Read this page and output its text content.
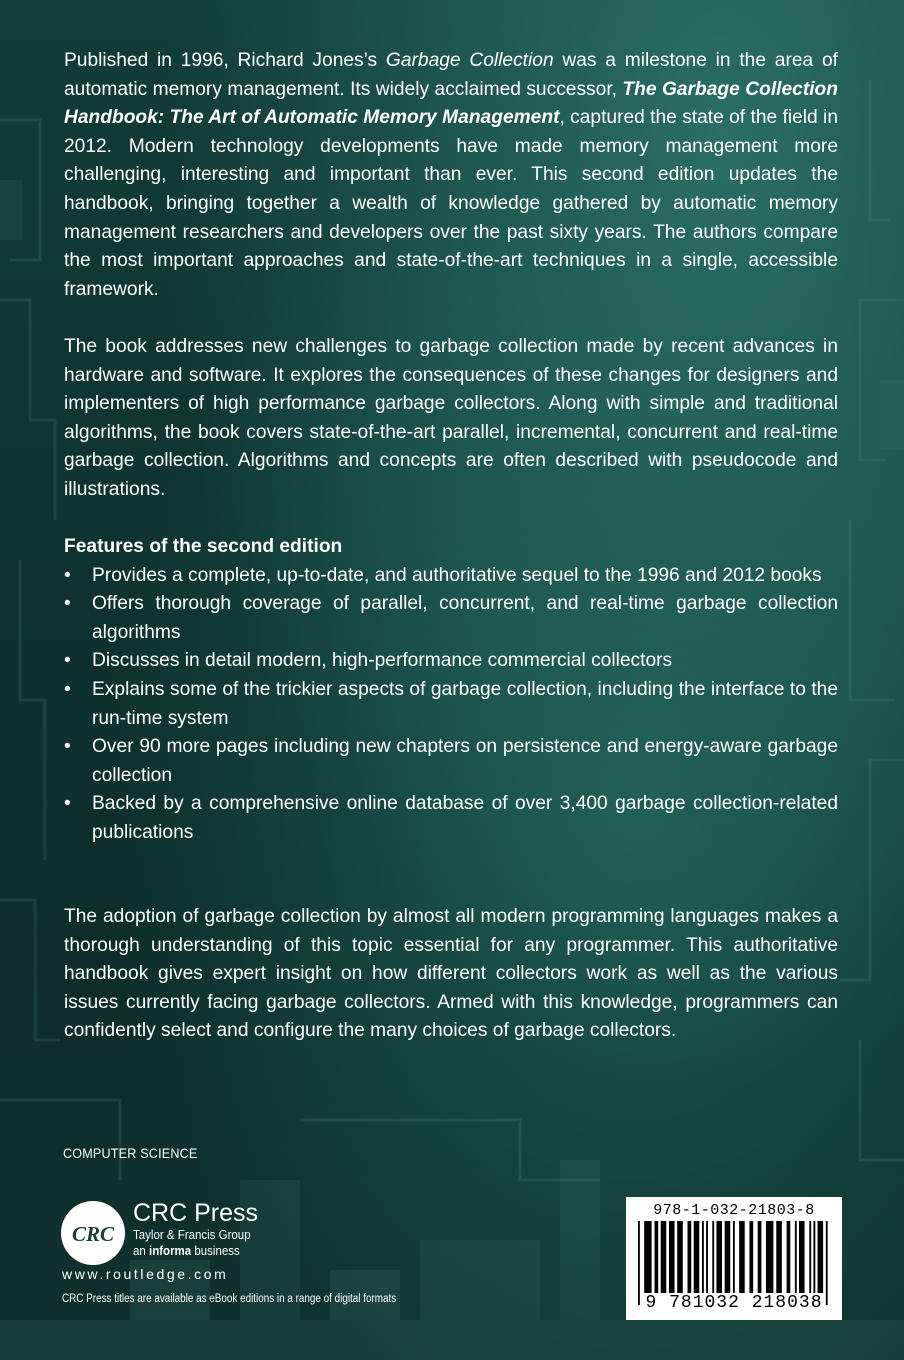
Published in 1996, Richard Jones’s Garbage Collection was a milestone in the area of automatic memory management. Its widely acclaimed successor, The Garbage Collection Handbook: The Art of Automatic Memory Management, captured the state of the field in 2012. Modern technology developments have made memory management more challenging, interesting and important than ever. This second edition updates the handbook, bringing together a wealth of knowledge gathered by automatic memory management researchers and developers over the past sixty years. The authors compare the most important approaches and state-of-the-art techniques in a single, accessible framework.

The book addresses new challenges to garbage collection made by recent advances in hardware and software. It explores the consequences of these changes for designers and implementers of high performance garbage collectors. Along with simple and traditional algorithms, the book covers state-of-the-art parallel, incremental, concurrent and real-time garbage collection. Algorithms and concepts are often described with pseudocode and illustrations.

Features of the second edition

• Provides a complete, up-to-date, and authoritative sequel to the 1996 and 2012 books
• Offers thorough coverage of parallel, concurrent, and real-time garbage collection algorithms
• Discusses in detail modern, high-performance commercial collectors
• Explains some of the trickier aspects of garbage collection, including the interface to the run-time system
• Over 90 more pages including new chapters on persistence and energy-aware garbage collection
• Backed by a comprehensive online database of over 3,400 garbage collection-related publications

The adoption of garbage collection by almost all modern programming languages makes a thorough understanding of this topic essential for any programmer. This authoritative handbook gives expert insight on how different collectors work as well as the various issues currently facing garbage collectors. Armed with this knowledge, programmers can confidently select and configure the many choices of garbage collectors.

COMPUTER SCIENCE
CRC
CRC Press
Taylor & Francis Group
an informa business
www.routledge.com
CRC Press titles are available as eBook editions in a range of digital formats
978-1-032-21803-8
9 781032 218038
